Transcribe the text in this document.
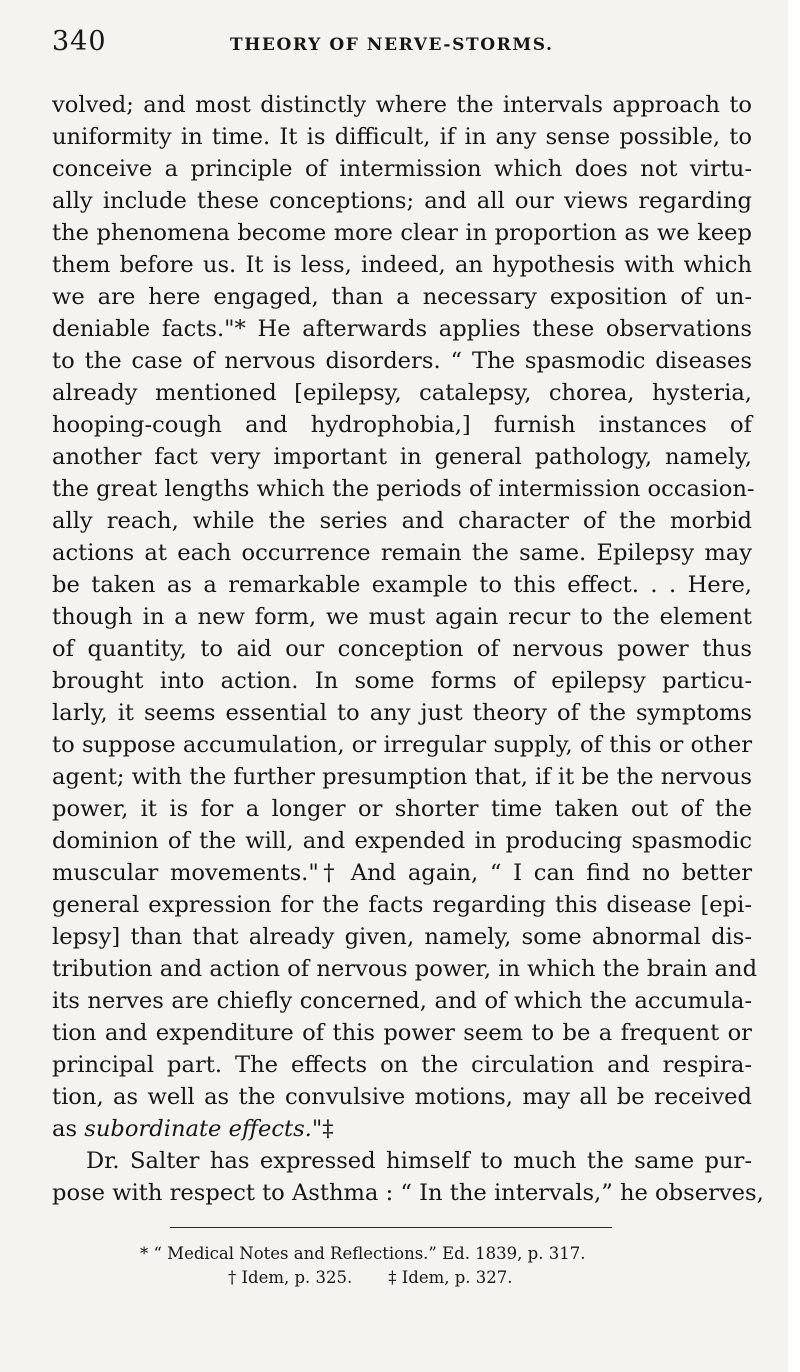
340	THEORY OF NERVE-STORMS.
volved; and most distinctly where the intervals approach to
uniformity in time. It is difficult, if in any sense possible, to
conceive a principle of intermission which does not virtu-
ally include these conceptions; and all our views regarding
the phenomena become more clear in proportion as we keep
them before us. It is less, indeed, an hypothesis with which
we are here engaged, than a necessary exposition of un-
deniable facts."* He afterwards applies these observations
to the case of nervous disorders. “ The spasmodic diseases
already mentioned [epilepsy, catalepsy, chorea, hysteria,
hooping-cough and hydrophobia,] furnish instances of
another fact very important in general pathology, namely,
the great lengths which the periods of intermission occasion-
ally reach, while the series and character of the morbid
actions at each occurrence remain the same. Epilepsy may
be taken as a remarkable example to this effect. . . Here,
though in a new form, we must again recur to the element
of quantity, to aid our conception of nervous power thus
brought into action. In some forms of epilepsy particu-
larly, it seems essential to any just theory of the symptoms
to suppose accumulation, or irregular supply, of this or other
agent; with the further presumption that, if it be the nervous
power, it is for a longer or shorter time taken out of the
dominion of the will, and expended in producing spasmodic
muscular movements."† And again, “ I can find no better
general expression for the facts regarding this disease [epi-
lepsy] than that already given, namely, some abnormal dis-
tribution and action of nervous power, in which the brain and
its nerves are chiefly concerned, and of which the accumula-
tion and expenditure of this power seem to be a frequent or
principal part. The effects on the circulation and respira-
tion, as well as the convulsive motions, may all be received
as subordinate effects."‡
Dr. Salter has expressed himself to much the same pur-
pose with respect to Asthma : “ In the intervals,” he observes,
* “ Medical Notes and Reflections.” Ed. 1839, p. 317.
† Idem, p. 325. ‡ Idem, p. 327.
